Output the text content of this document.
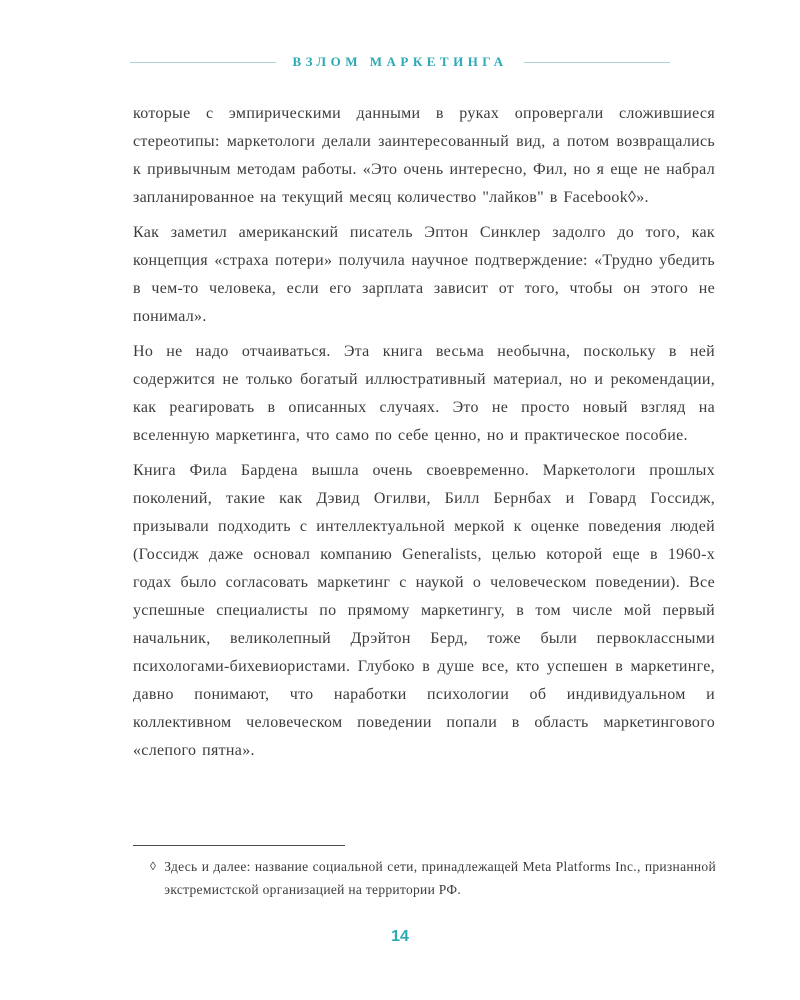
ВЗЛОМ МАРКЕТИНГА

которые с эмпирическими данными в руках опровергали сложившиеся стереотипы: маркетологи делали заинтересованный вид, а потом возвращались к привычным методам работы. «Это очень интересно, Фил, но я еще не набрал запланированное на текущий месяц количество "лайков" в Facebook◊».

Как заметил американский писатель Эптон Синклер задолго до того, как концепция «страха потери» получила научное подтверждение: «Трудно убедить в чем-то человека, если его зарплата зависит от того, чтобы он этого не понимал».

Но не надо отчаиваться. Эта книга весьма необычна, поскольку в ней содержится не только богатый иллюстративный материал, но и рекомендации, как реагировать в описанных случаях. Это не просто новый взгляд на вселенную маркетинга, что само по себе ценно, но и практическое пособие.

Книга Фила Бардена вышла очень своевременно. Маркетологи прошлых поколений, такие как Дэвид Огилви, Билл Бернбах и Говард Госсидж, призывали подходить с интеллектуальной меркой к оценке поведения людей (Госсидж даже основал компанию Generalists, целью которой еще в 1960-х годах было согласовать маркетинг с наукой о человеческом поведении). Все успешные специалисты по прямому маркетингу, в том числе мой первый начальник, великолепный Дрэйтон Берд, тоже были первоклассными психологами-бихевиористами. Глубоко в душе все, кто успешен в маркетинге, давно понимают, что наработки психологии об индивидуальном и коллективном человеческом поведении попали в область маркетингового «слепого пятна».

◊ Здесь и далее: название социальной сети, принадлежащей Meta Platforms Inc., признанной экстремистской организацией на территории РФ.
14
